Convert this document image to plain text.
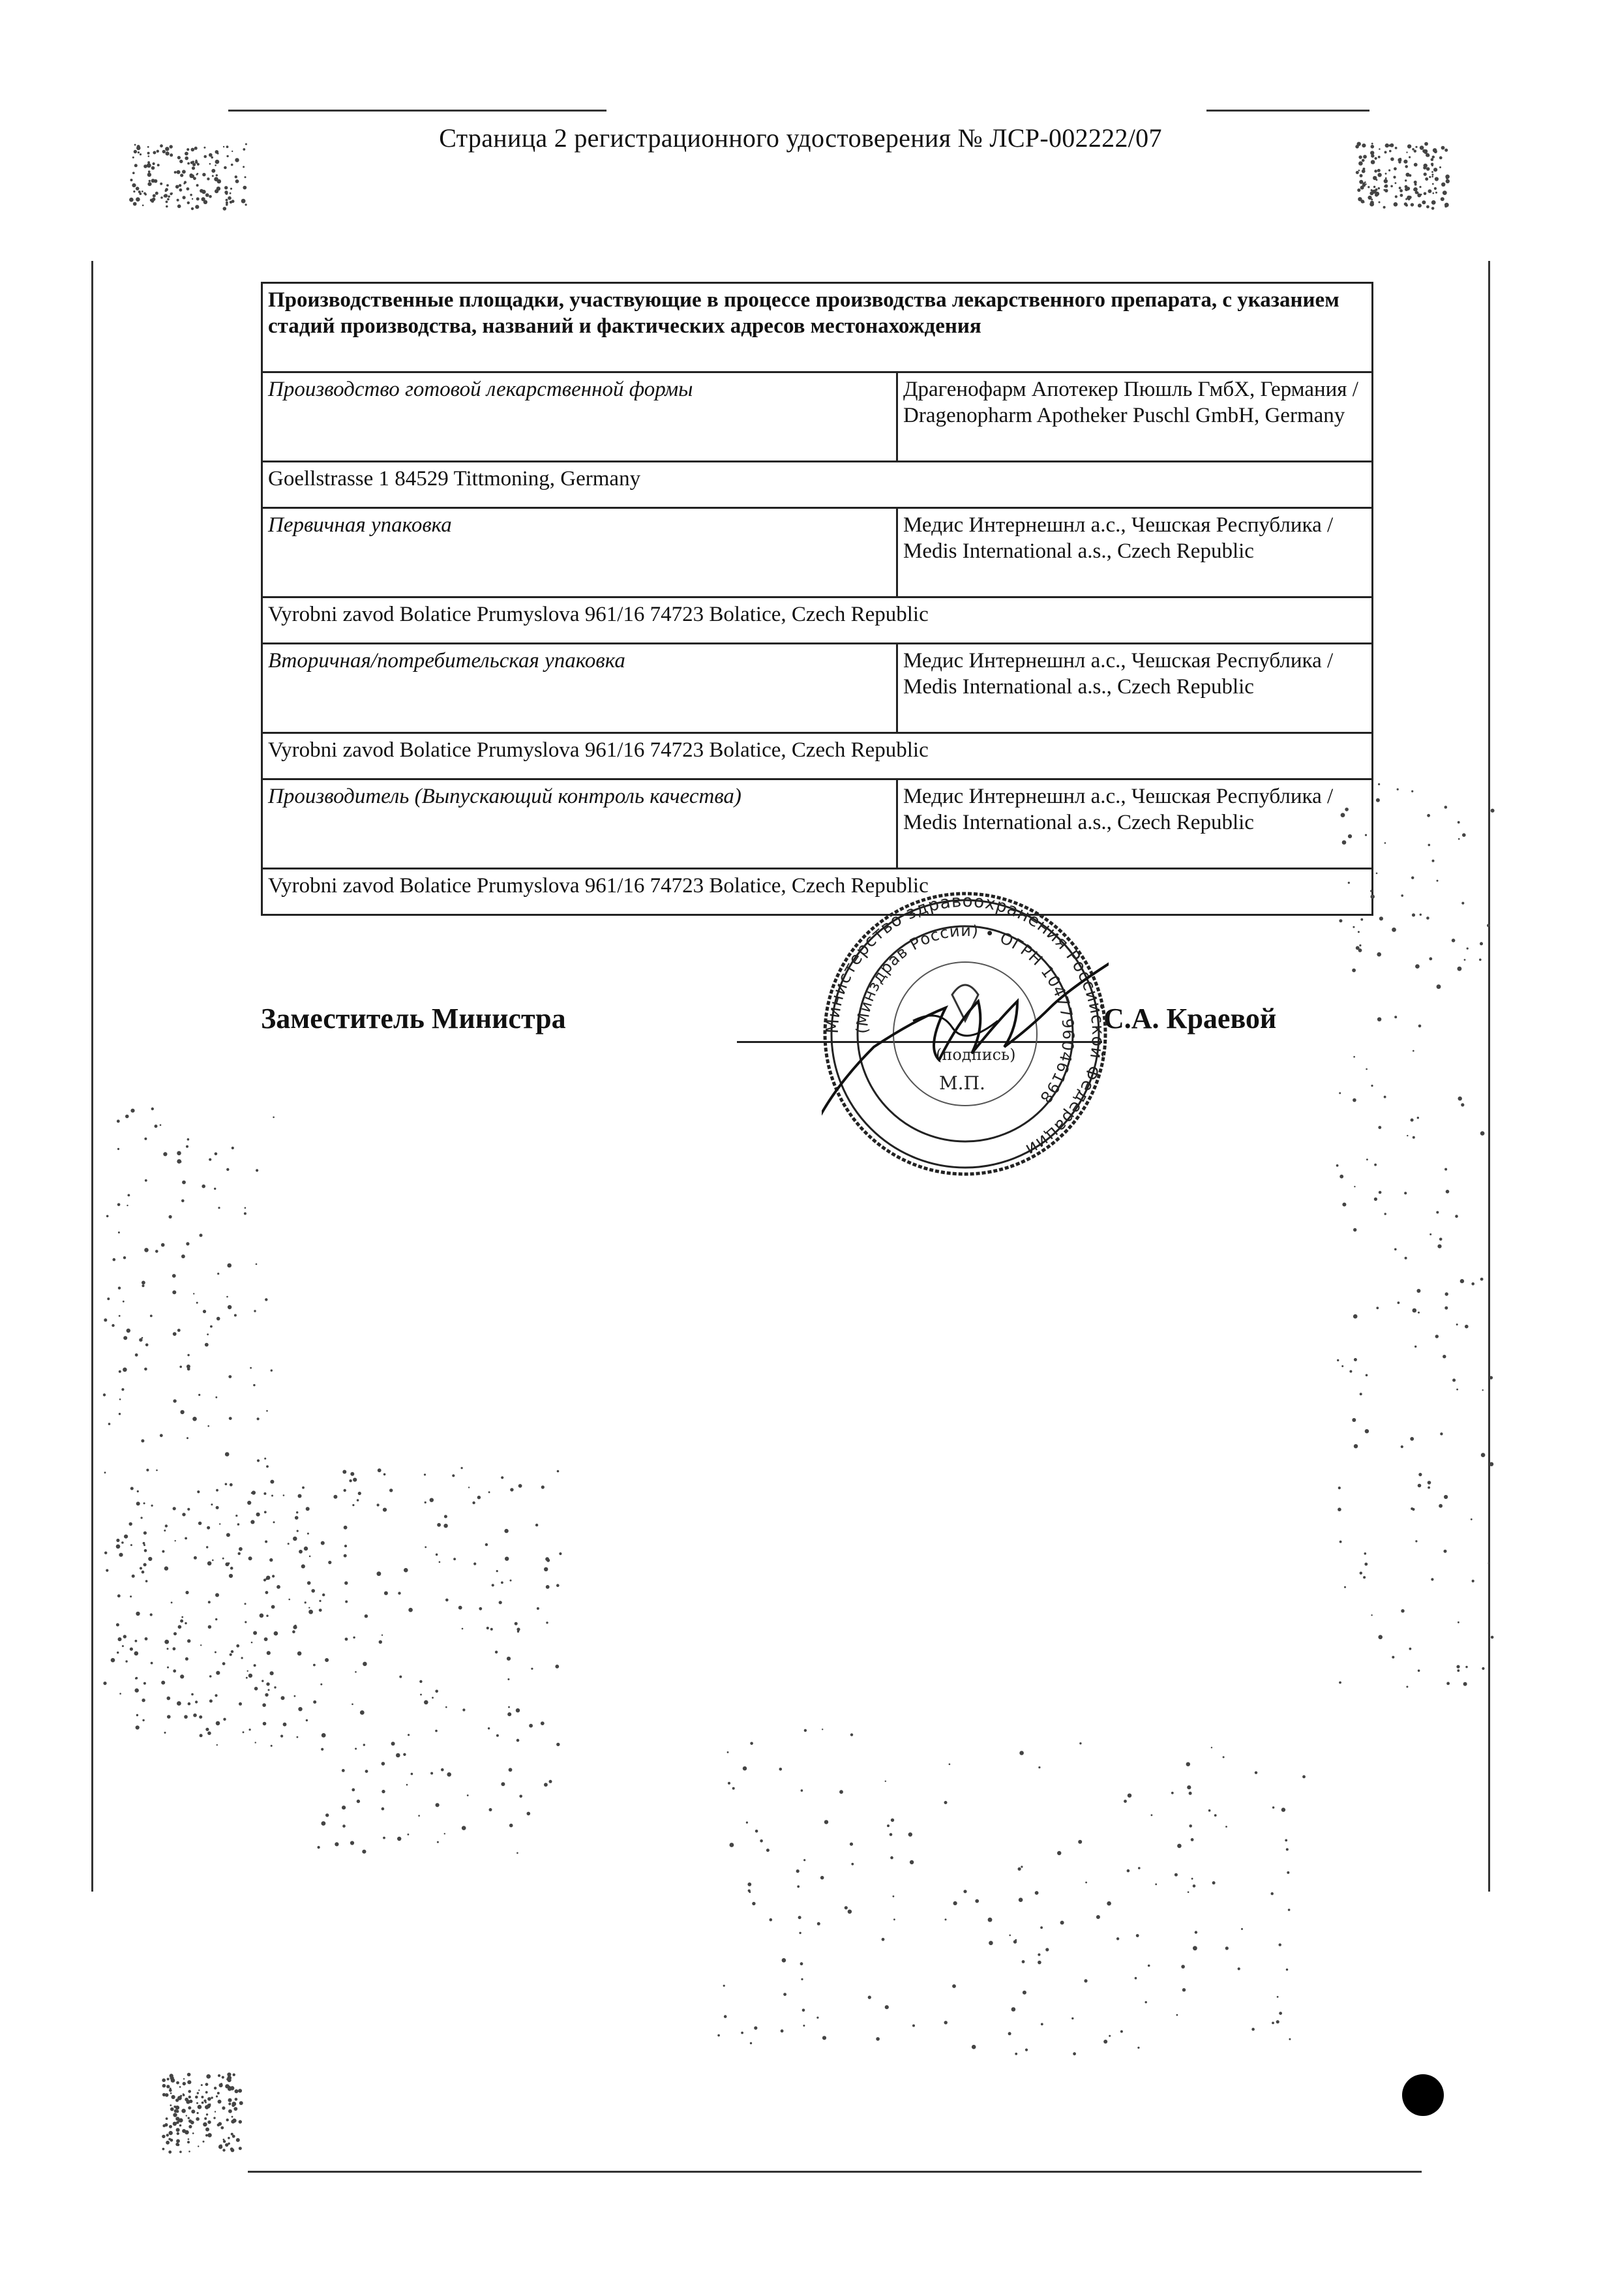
Страница 2 регистрационного удостоверения № ЛСР-002222/07
Производственные площадки, участвующие в процессе производства лекарственного препарата, с указанием стадий производства, названий и фактических адресов местонахождения	
Производство готовой лекарственной формы	Драгенофарм Апотекер Пюшль ГмбХ, Германия / Dragenopharm Apotheker Puschl GmbH, Germany
Goellstrasse 1 84529 Tittmoning, Germany	
Первичная упаковка	Медис Интернешнл а.с., Чешская Республика / Medis International a.s., Czech Republic
Vyrobni zavod Bolatice Prumyslova 961/16 74723 Bolatice, Czech Republic	
Вторичная/потребительская упаковка	Медис Интернешнл а.с., Чешская Республика / Medis International a.s., Czech Republic
Vyrobni zavod Bolatice Prumyslova 961/16 74723 Bolatice, Czech Republic	
Производитель (Выпускающий контроль качества)	Медис Интернешнл а.с., Чешская Республика / Medis International a.s., Czech Republic
Vyrobni zavod Bolatice Prumyslova 961/16 74723 Bolatice, Czech Republic	
Заместитель Министра	С.А. Краевой
Министерство здравоохранения Российской Федерации
(Минздрав России) • ОГРН 1047796046198
(подпись)
М.П.
